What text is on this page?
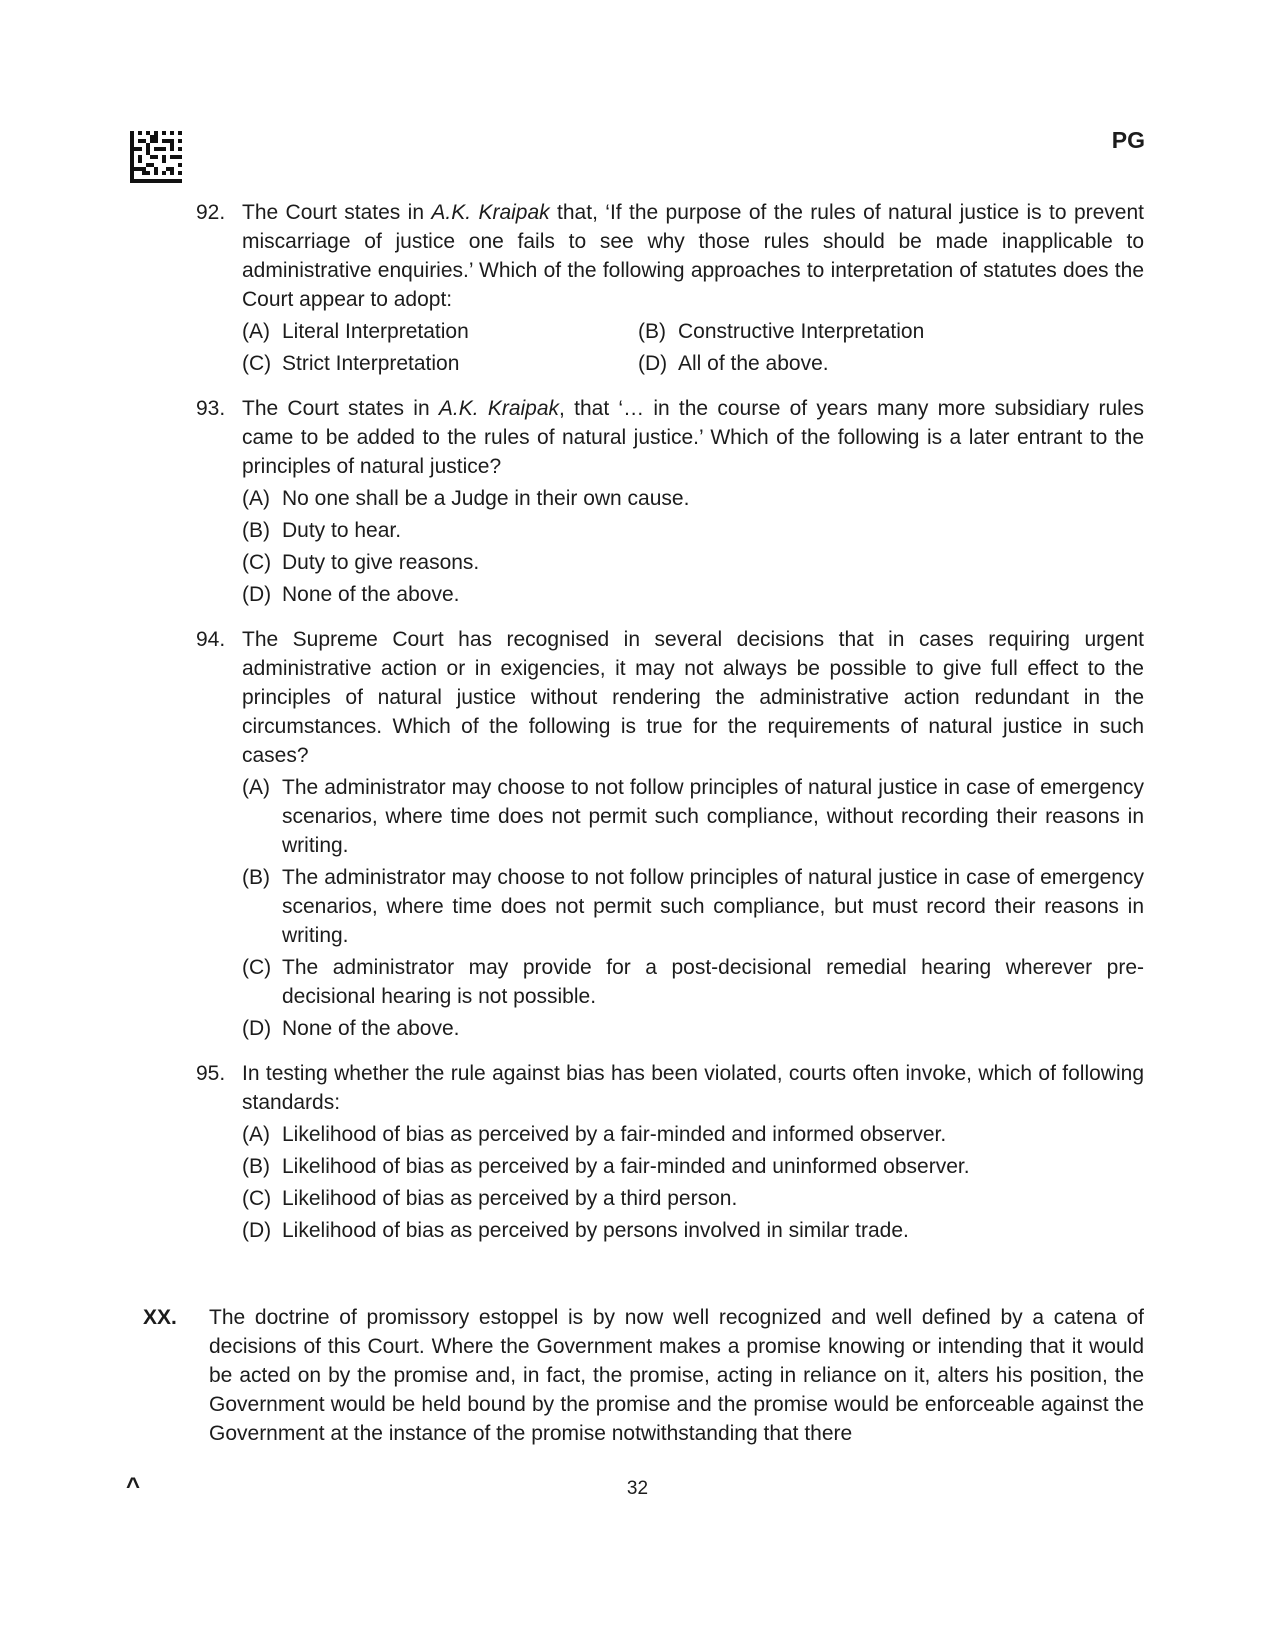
PG
92. The Court states in A.K. Kraipak that, ‘If the purpose of the rules of natural justice is to prevent miscarriage of justice one fails to see why those rules should be made inapplicable to administrative enquiries.’ Which of the following approaches to interpretation of statutes does the Court appear to adopt:
(A) Literal Interpretation	(B) Constructive Interpretation
(C) Strict Interpretation	(D) All of the above.
93. The Court states in A.K. Kraipak, that ‘… in the course of years many more subsidiary rules came to be added to the rules of natural justice.’ Which of the following is a later entrant to the principles of natural justice?
(A) No one shall be a Judge in their own cause.
(B) Duty to hear.
(C) Duty to give reasons.
(D) None of the above.
94. The Supreme Court has recognised in several decisions that in cases requiring urgent administrative action or in exigencies, it may not always be possible to give full effect to the principles of natural justice without rendering the administrative action redundant in the circumstances. Which of the following is true for the requirements of natural justice in such cases?
(A) The administrator may choose to not follow principles of natural justice in case of emergency scenarios, where time does not permit such compliance, without recording their reasons in writing.
(B) The administrator may choose to not follow principles of natural justice in case of emergency scenarios, where time does not permit such compliance, but must record their reasons in writing.
(C) The administrator may provide for a post-decisional remedial hearing wherever pre-decisional hearing is not possible.
(D) None of the above.
95. In testing whether the rule against bias has been violated, courts often invoke, which of following standards:
(A) Likelihood of bias as perceived by a fair-minded and informed observer.
(B) Likelihood of bias as perceived by a fair-minded and uninformed observer.
(C) Likelihood of bias as perceived by a third person.
(D) Likelihood of bias as perceived by persons involved in similar trade.
XX. The doctrine of promissory estoppel is by now well recognized and well defined by a catena of decisions of this Court. Where the Government makes a promise knowing or intending that it would be acted on by the promise and, in fact, the promise, acting in reliance on it, alters his position, the Government would be held bound by the promise and the promise would be enforceable against the Government at the instance of the promise notwithstanding that there
^	32
